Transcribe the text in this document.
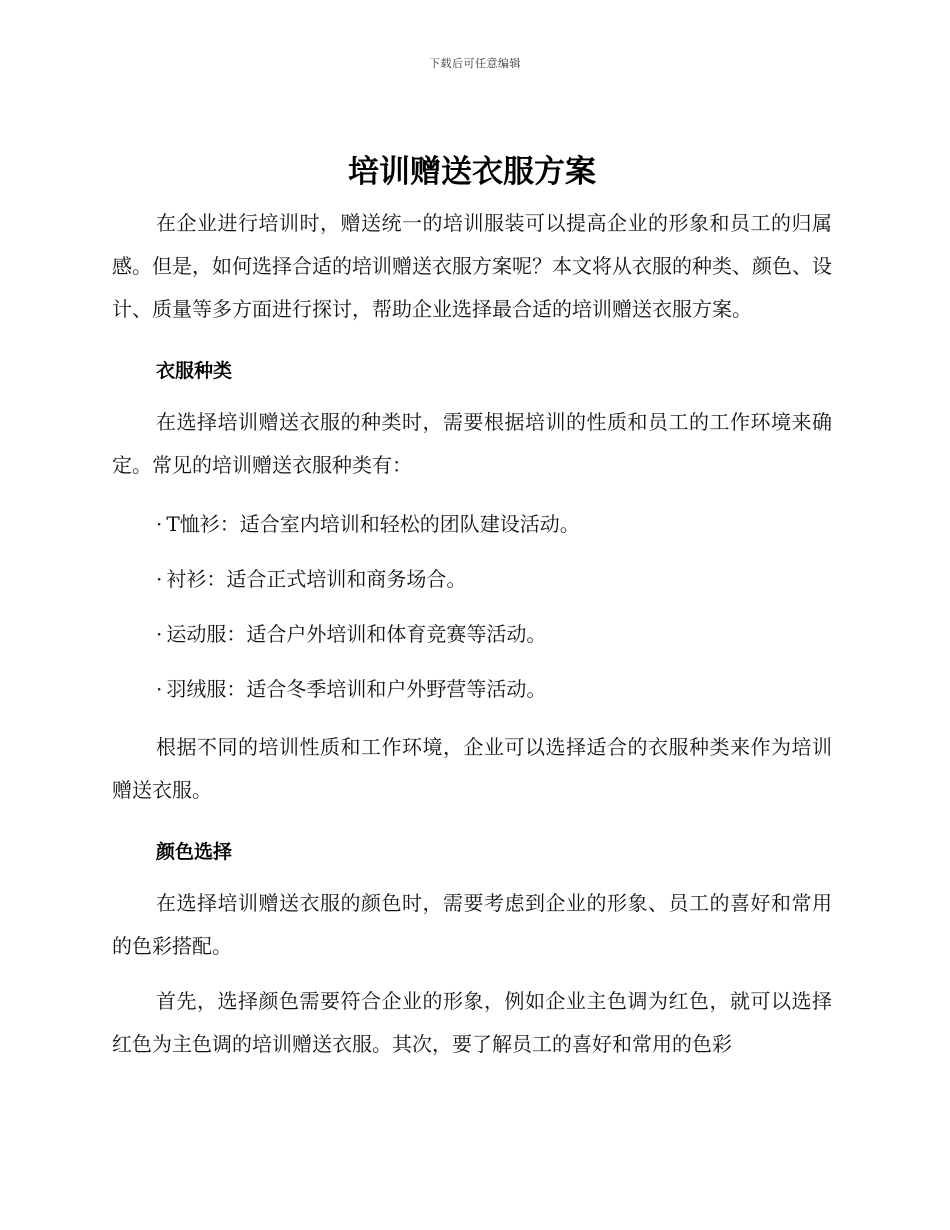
下载后可任意编辑
培训赠送衣服方案

在企业进行培训时，赠送统一的培训服装可以提高企业的形象和员工的归属感。但是，如何选择合适的培训赠送衣服方案呢？本文将从衣服的种类、颜色、设计、质量等多方面进行探讨，帮助企业选择最合适的培训赠送衣服方案。

衣服种类

在选择培训赠送衣服的种类时，需要根据培训的性质和员工的工作环境来确定。常见的培训赠送衣服种类有：

· T恤衫：适合室内培训和轻松的团队建设活动。
· 衬衫：适合正式培训和商务场合。
· 运动服：适合户外培训和体育竞赛等活动。
· 羽绒服：适合冬季培训和户外野营等活动。

根据不同的培训性质和工作环境，企业可以选择适合的衣服种类来作为培训赠送衣服。

颜色选择

在选择培训赠送衣服的颜色时，需要考虑到企业的形象、员工的喜好和常用的色彩搭配。

首先，选择颜色需要符合企业的形象，例如企业主色调为红色，就可以选择红色为主色调的培训赠送衣服。其次，要了解员工的喜好和常用的色彩
